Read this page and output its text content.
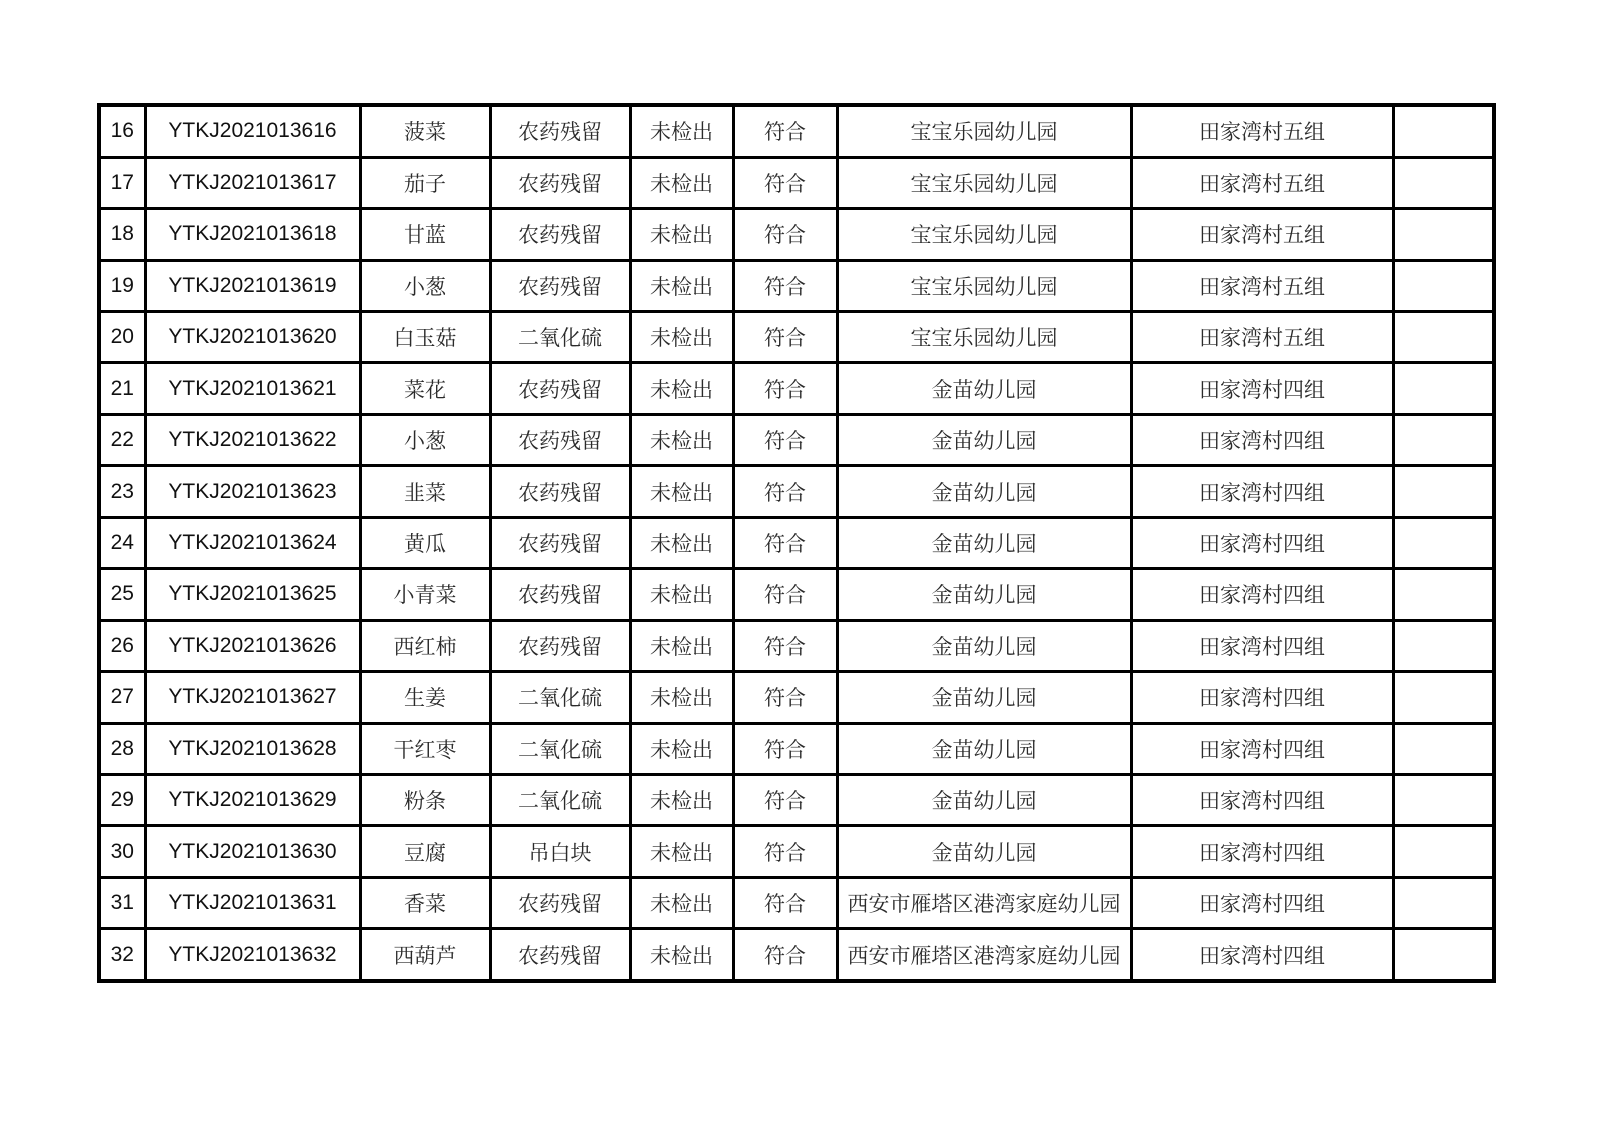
16	YTKJ2021013616	菠菜	农药残留	未检出	符合	宝宝乐园幼儿园	田家湾村五组	
17	YTKJ2021013617	茄子	农药残留	未检出	符合	宝宝乐园幼儿园	田家湾村五组	
18	YTKJ2021013618	甘蓝	农药残留	未检出	符合	宝宝乐园幼儿园	田家湾村五组	
19	YTKJ2021013619	小葱	农药残留	未检出	符合	宝宝乐园幼儿园	田家湾村五组	
20	YTKJ2021013620	白玉菇	二氧化硫	未检出	符合	宝宝乐园幼儿园	田家湾村五组	
21	YTKJ2021013621	菜花	农药残留	未检出	符合	金苗幼儿园	田家湾村四组	
22	YTKJ2021013622	小葱	农药残留	未检出	符合	金苗幼儿园	田家湾村四组	
23	YTKJ2021013623	韭菜	农药残留	未检出	符合	金苗幼儿园	田家湾村四组	
24	YTKJ2021013624	黄瓜	农药残留	未检出	符合	金苗幼儿园	田家湾村四组	
25	YTKJ2021013625	小青菜	农药残留	未检出	符合	金苗幼儿园	田家湾村四组	
26	YTKJ2021013626	西红柿	农药残留	未检出	符合	金苗幼儿园	田家湾村四组	
27	YTKJ2021013627	生姜	二氧化硫	未检出	符合	金苗幼儿园	田家湾村四组	
28	YTKJ2021013628	干红枣	二氧化硫	未检出	符合	金苗幼儿园	田家湾村四组	
29	YTKJ2021013629	粉条	二氧化硫	未检出	符合	金苗幼儿园	田家湾村四组	
30	YTKJ2021013630	豆腐	吊白块	未检出	符合	金苗幼儿园	田家湾村四组	
31	YTKJ2021013631	香菜	农药残留	未检出	符合	西安市雁塔区港湾家庭幼儿园	田家湾村四组	
32	YTKJ2021013632	西葫芦	农药残留	未检出	符合	西安市雁塔区港湾家庭幼儿园	田家湾村四组	
